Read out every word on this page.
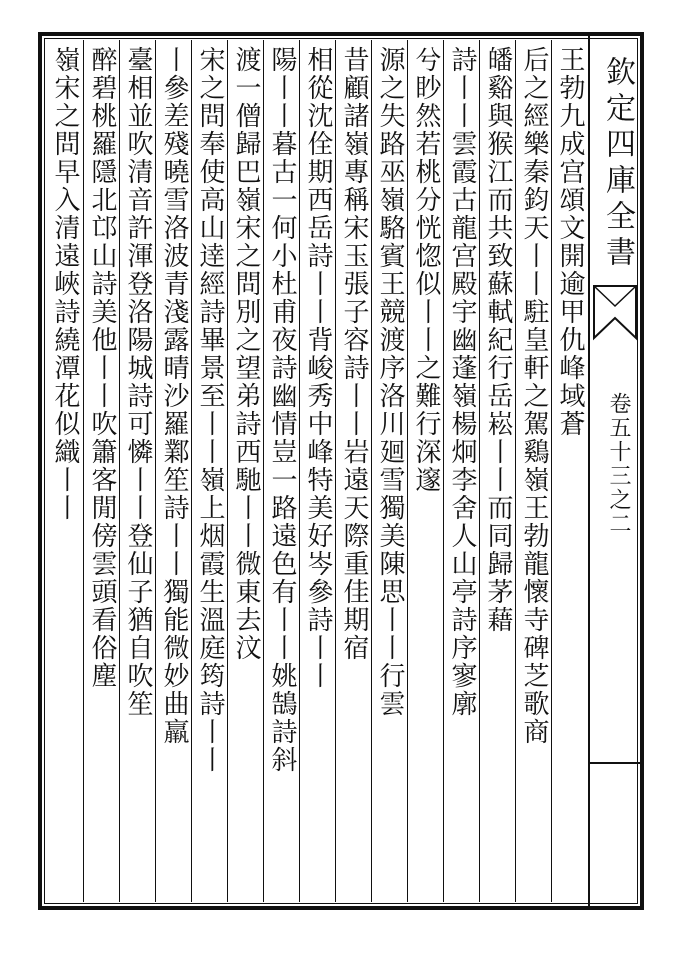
欽定四庫全書
卷五十三之二
王勃九成宫頌文開逾甲仇峰域蒼
后之經樂秦鈞天丨丨駐皇軒之駕鷄嶺王勃龍懷寺碑芝歌商
皤谿與猴江而共致蘇軾紀行岳崧丨丨而同歸茅藉
詩丨丨雲霞古龍宫殿宇幽蓬嶺楊炯李舍人山亭詩序寥廓
兮眇然若桃分恍惚似丨丨之難行深邃
源之失路巫嶺駱賓王競渡序洛川廻雪獨美陳思丨丨行雲
昔顧諸嶺專稱宋玉張子容詩丨丨岩遠天際重佳期宿
相從沈佺期西岳詩丨丨背峻秀中峰特美好岑參詩丨丨
陽丨丨暮古一何小杜甫夜詩幽情豈一路遠色有丨丨姚鵠詩斜
渡一僧歸巴嶺宋之問別之望弟詩西馳丨丨微東去汶
宋之問奉使高山逹經詩畢景至丨丨嶺上烟霞生溫庭筠詩丨丨
丨參差殘曉雪洛波青淺露晴沙羅鄴笙詩丨丨獨能微妙曲羸
臺相並吹清音許渾登洛陽城詩可憐丨丨登仙子猶自吹笙
醉碧桃羅隱北邙山詩美他丨丨吹簫客閒傍雲頭看俗塵
嶺宋之問早入清遠峽詩繞潭花似織丨丨
